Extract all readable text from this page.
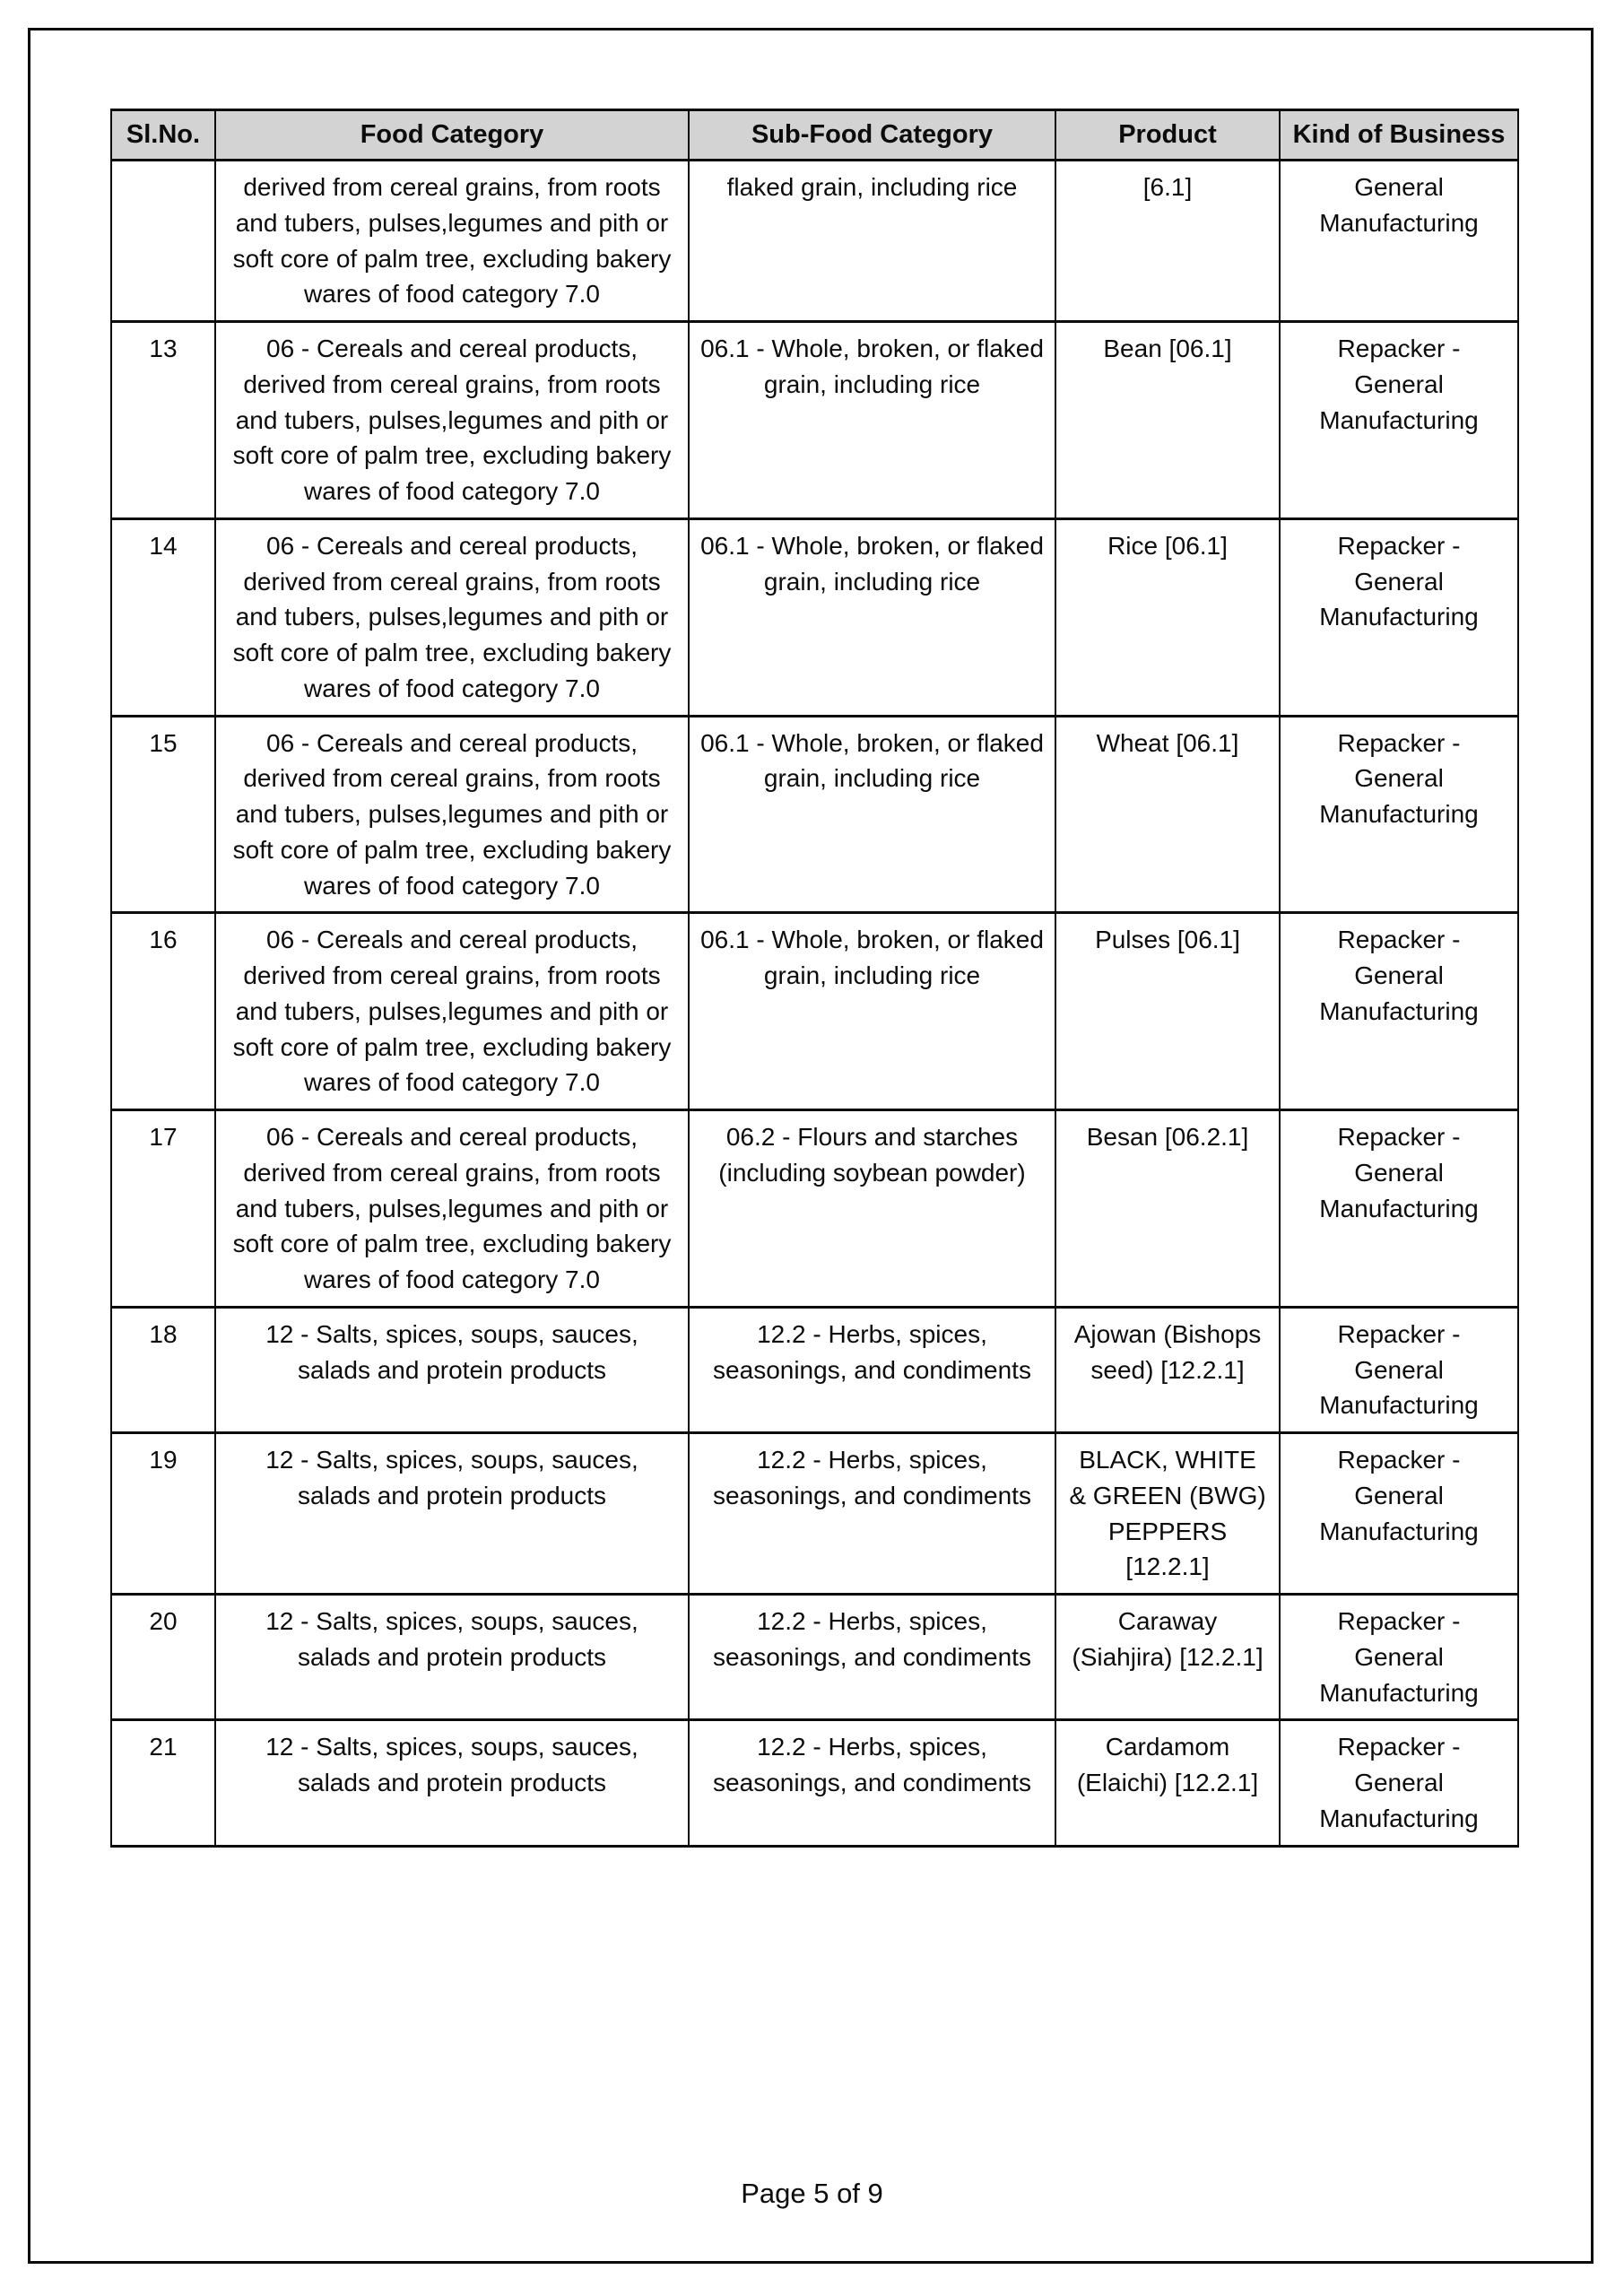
Sl.No.	Food Category	Sub-Food Category	Product	Kind of Business
	derived from cereal grains, from roots and tubers, pulses,legumes and pith or soft core of palm tree, excluding bakery wares of food category 7.0	flaked grain, including rice	[6.1]	General Manufacturing
13	06 - Cereals and cereal products, derived from cereal grains, from roots and tubers, pulses,legumes and pith or soft core of palm tree, excluding bakery wares of food category 7.0	06.1 - Whole, broken, or flaked grain, including rice	Bean [06.1]	Repacker - General Manufacturing
14	06 - Cereals and cereal products, derived from cereal grains, from roots and tubers, pulses,legumes and pith or soft core of palm tree, excluding bakery wares of food category 7.0	06.1 - Whole, broken, or flaked grain, including rice	Rice [06.1]	Repacker - General Manufacturing
15	06 - Cereals and cereal products, derived from cereal grains, from roots and tubers, pulses,legumes and pith or soft core of palm tree, excluding bakery wares of food category 7.0	06.1 - Whole, broken, or flaked grain, including rice	Wheat [06.1]	Repacker - General Manufacturing
16	06 - Cereals and cereal products, derived from cereal grains, from roots and tubers, pulses,legumes and pith or soft core of palm tree, excluding bakery wares of food category 7.0	06.1 - Whole, broken, or flaked grain, including rice	Pulses [06.1]	Repacker - General Manufacturing
17	06 - Cereals and cereal products, derived from cereal grains, from roots and tubers, pulses,legumes and pith or soft core of palm tree, excluding bakery wares of food category 7.0	06.2 - Flours and starches (including soybean powder)	Besan [06.2.1]	Repacker - General Manufacturing
18	12 - Salts, spices, soups, sauces, salads and protein products	12.2 - Herbs, spices, seasonings, and condiments	Ajowan (Bishops seed) [12.2.1]	Repacker - General Manufacturing
19	12 - Salts, spices, soups, sauces, salads and protein products	12.2 - Herbs, spices, seasonings, and condiments	BLACK, WHITE & GREEN (BWG) PEPPERS [12.2.1]	Repacker - General Manufacturing
20	12 - Salts, spices, soups, sauces, salads and protein products	12.2 - Herbs, spices, seasonings, and condiments	Caraway (Siahjira) [12.2.1]	Repacker - General Manufacturing
21	12 - Salts, spices, soups, sauces, salads and protein products	12.2 - Herbs, spices, seasonings, and condiments	Cardamom (Elaichi) [12.2.1]	Repacker - General Manufacturing
Page 5 of 9
